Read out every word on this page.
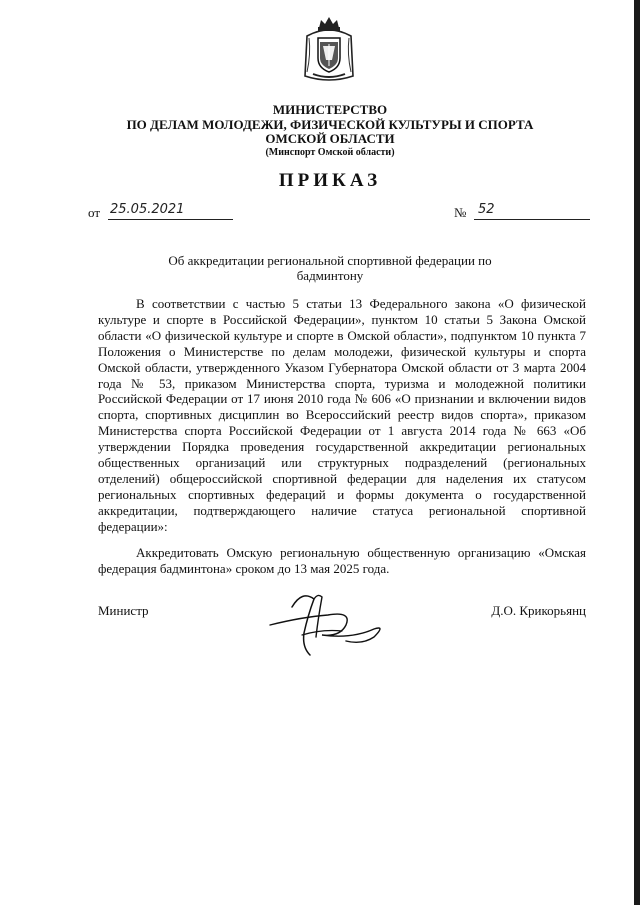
МИНИСТЕРСТВО
ПО ДЕЛАМ МОЛОДЕЖИ, ФИЗИЧЕСКОЙ КУЛЬТУРЫ И СПОРТА
ОМСКОЙ ОБЛАСТИ
(Минспорт Омской области)
ПРИКАЗ
от 25.05.2021	№ 52
Об аккредитации региональной спортивной федерации по бадминтону

В соответствии с частью 5 статьи 13 Федерального закона «О физической культуре и спорте в Российской Федерации», пунктом 10 статьи 5 Закона Омской области «О физической культуре и спорте в Омской области», подпунктом 10 пункта 7 Положения о Министерстве по делам молодежи, физической культуры и спорта Омской области, утвержденного Указом Губернатора Омской области от 3 марта 2004 года № 53, приказом Министерства спорта, туризма и молодежной политики Российской Федерации от 17 июня 2010 года № 606 «О признании и включении видов спорта, спортивных дисциплин во Всероссийский реестр видов спорта», приказом Министерства спорта Российской Федерации от 1 августа 2014 года № 663 «Об утверждении Порядка проведения государственной аккредитации региональных общественных организаций или структурных подразделений (региональных отделений) общероссийской спортивной федерации для наделения их статусом региональных спортивных федераций и формы документа о государственной аккредитации, подтверждающего наличие статуса региональной спортивной федерации»:

Аккредитовать Омскую региональную общественную организацию «Омская федерация бадминтона» сроком до 13 мая 2025 года.

Министр	Д.О. Крикорьянц
